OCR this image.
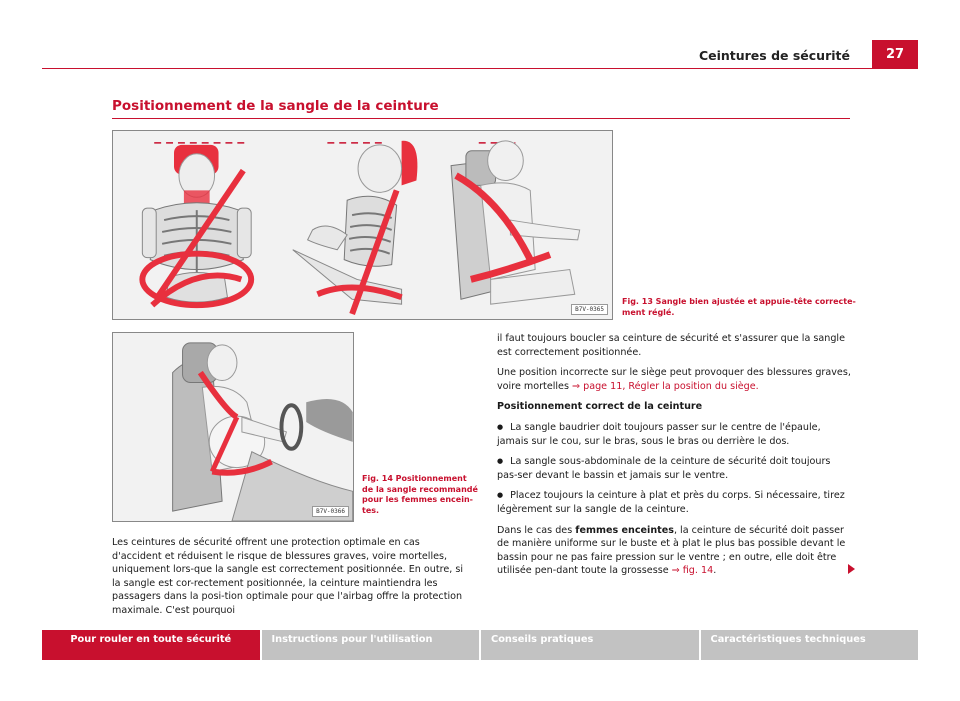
Ceintures de sécurité	27
Positionnement de la sangle de la ceinture
B7V-0365
Fig. 13 Sangle bien ajustée et appuie-tête correcte-
ment réglé.
B7V-0366
Fig. 14 Positionnement
de la sangle recommandé
pour les femmes encein-
tes.

Les ceintures de sécurité offrent une protection optimale en cas d'accident et réduisent le risque de blessures graves, voire mortelles, uniquement lors-que la sangle est correctement positionnée. En outre, si la sangle est cor-rectement positionnée, la ceinture maintiendra les passagers dans la posi-tion optimale pour que l'airbag offre la protection maximale. C'est pourquoi

il faut toujours boucler sa ceinture de sécurité et s'assurer que la sangle est correctement positionnée.

Une position incorrecte sur le siège peut provoquer des blessures graves, voire mortelles ⇒ page 11, Régler la position du siège.

Positionnement correct de la ceinture

● La sangle baudrier doit toujours passer sur le centre de l'épaule, jamais sur le cou, sur le bras, sous le bras ou derrière le dos.

● La sangle sous-abdominale de la ceinture de sécurité doit toujours pas-ser devant le bassin et jamais sur le ventre.

● Placez toujours la ceinture à plat et près du corps. Si nécessaire, tirez légèrement sur la sangle de la ceinture.

Dans le cas des femmes enceintes, la ceinture de sécurité doit passer de manière uniforme sur le buste et à plat le plus bas possible devant le bassin pour ne pas faire pression sur le ventre ; en outre, elle doit être utilisée pen-dant toute la grossesse ⇒ fig. 14.

Pour rouler en toute sécurité	Instructions pour l'utilisation	Conseils pratiques	Caractéristiques techniques
